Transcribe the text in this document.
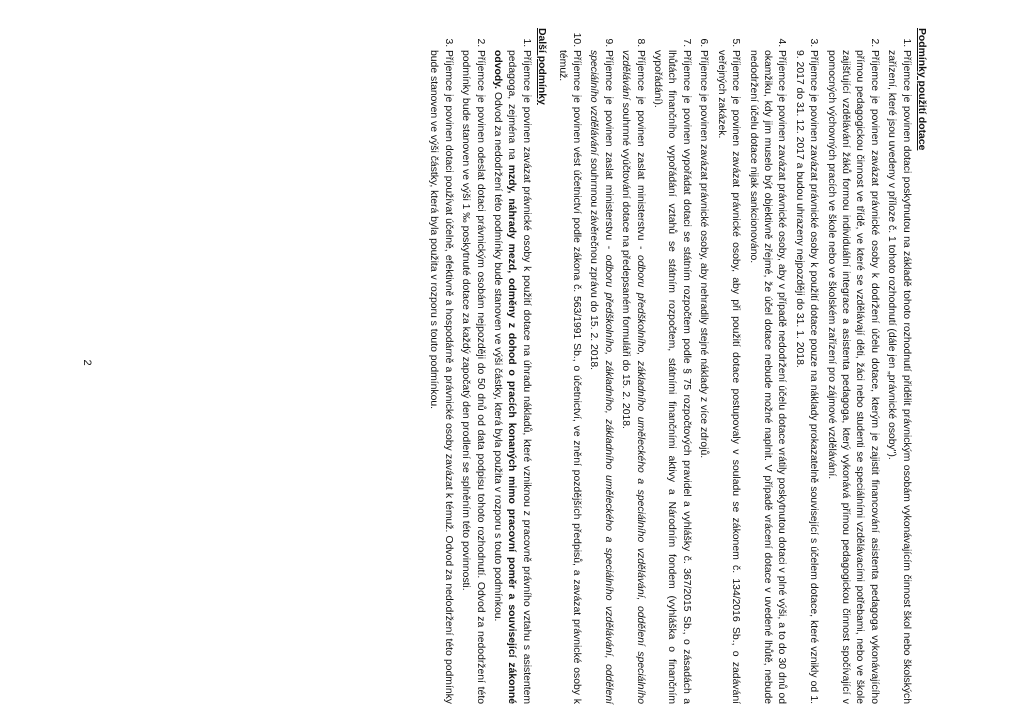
Podmínky použití dotace
1. Příjemce je povinen dotaci poskytnutou na základě tohoto rozhodnutí přidělit právnickým osobám vykonávajícím činnost škol nebo školských zařízení, které jsou uvedeny v příloze č. 1 tohoto rozhodnutí (dále jen „právnické osoby").
2. Příjemce je povinen zavázat právnické osoby k dodržení účelu dotace, kterým je zajistit financování asistenta pedagoga vykonávajícího přímou pedagogickou činnost ve třídě, ve které se vzdělávají děti, žáci nebo studenti se speciálními vzdělávacími potřebami, nebo ve škole zajišťující vzdělávání žáků formou individuální integrace a asistenta pedagoga, který vykonává přímou pedagogickou činnost spočívající v pomocných výchovných pracích ve škole nebo ve školském zařízení pro zájmové vzdělávání.
3. Příjemce je povinen zavázat právnické osoby k použití dotace pouze na náklady prokazatelně související s účelem dotace, které vznikly od 1. 9. 2017 do 31. 12. 2017 a budou uhrazeny nejpozději do 31. 1. 2018.
4. Příjemce je povinen zavázat právnické osoby, aby v případě nedodržení účelu dotace vrátily poskytnutou dotaci v plné výši, a to do 30 dnů od okamžiku, kdy jim muselo být objektivně zřejmé, že účel dotace nebude možné naplnit. V případě vrácení dotace v uvedené lhůtě, nebude nedodržení účelu dotace nijak sankcionováno.
5. Příjemce je povinen zavázat právnické osoby, aby při použití dotace postupovaly v souladu se zákonem č. 134/2016 Sb., o zadávání veřejných zakázek.
6. Příjemce je povinen zavázat právnické osoby, aby nehradily stejné náklady z více zdrojů.
7. Příjemce je povinen vypořádat dotaci se státním rozpočtem podle § 75 rozpočtových pravidel a vyhlášky č. 367/2015 Sb., o zásadách a lhůtách finančního vypořádání vztahů se státním rozpočtem, státními finančními aktivy a Národním fondem (vyhláška o finančním vypořádání).
8. Příjemce je povinen zaslat ministerstvu - odboru předškolního, základního uměleckého a speciálního vzdělávání, oddělení speciálního vzdělávání souhrnné vyúčtování dotace na předepsaném formuláři do 15. 2. 2018.
9. Příjemce je povinen zaslat ministerstvu - odboru předškolního, základního, základního uměleckého a speciálního vzdělávání, oddělení speciálního vzdělávání souhrnnou závěrečnou zprávu do 15. 2. 2018.
10. Příjemce je povinen vést účetnictví podle zákona č. 563/1991 Sb., o účetnictví, ve znění pozdějších předpisů, a zavázat právnické osoby k témuž.
Další podmínky
1. Příjemce je povinen zavázat právnické osoby k použití dotace na úhradu nákladů, které vzniknou z pracovně právního vztahu s asistentem pedagoga, zejména na mzdy, náhrady mezd, odměny z dohod o pracích konaných mimo pracovní poměr a související zákonné odvody. Odvod za nedodržení této podmínky bude stanoven ve výši částky, která byla použita v rozporu s touto podmínkou.
2. Příjemce je povinen odeslat dotaci právnickým osobám nejpozději do 50 dnů od data podpisu tohoto rozhodnutí. Odvod za nedodržení této podmínky bude stanoven ve výši 1 ‰ poskytnuté dotace za každý započatý den prodlení se splněním této povinnosti.
3. Příjemce je povinen dotaci používat účelně, efektivně a hospodárně a právnické osoby zavázat k témuž. Odvod za nedodržení této podmínky bude stanoven ve výši částky, která byla použita v rozporu s touto podmínkou.
2
